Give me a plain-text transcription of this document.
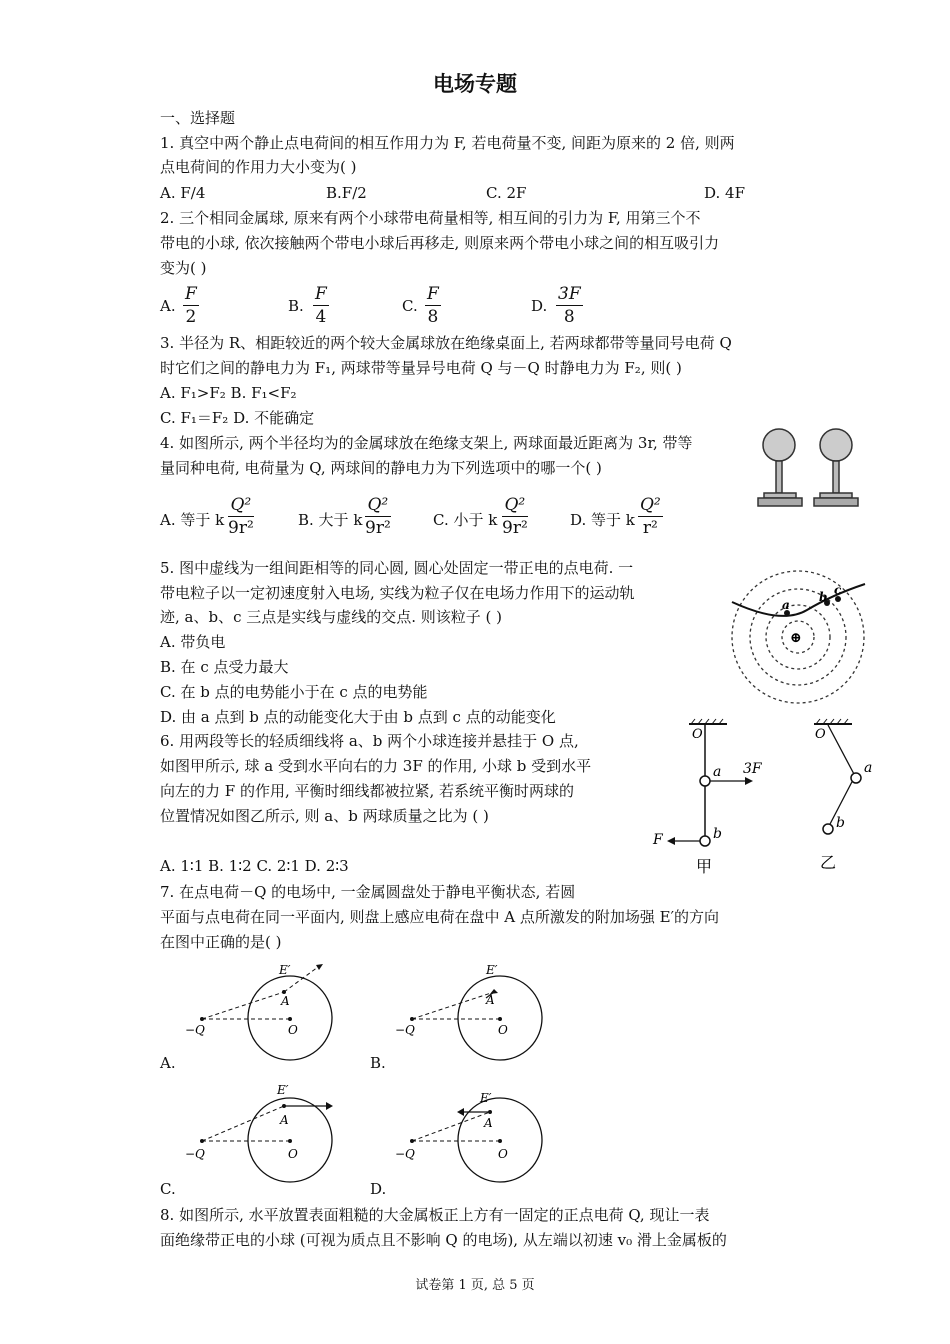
电场专题
一、选择题
1. 真空中两个静止点电荷间的相互作用力为 F, 若电荷量不变, 间距为原来的 2 倍, 则两
点电荷间的作用力大小变为( )
A. F/4	B.F/2	C. 2F	D. 4F
2. 三个相同金属球, 原来有两个小球带电荷量相等, 相互间的引力为 F, 用第三个不
带电的小球, 依次接触两个带电小球后再移走, 则原来两个带电小球之间的相互吸引力
变为( )
A. $\frac{F}{2}$	B. $\frac{F}{4}$	C. $\frac{F}{8}$	D. $\frac{3F}{8}$
3. 半径为 R、相距较近的两个较大金属球放在绝缘桌面上, 若两球都带等量同号电荷 Q
时它们之间的静电力为 F₁, 两球带等量异号电荷 Q 与－Q 时静电力为 F₂, 则( )
A. F₁>F₂ B. F₁<F₂
C. F₁＝F₂ D. 不能确定
4. 如图所示, 两个半径均为的金属球放在绝缘支架上, 两球面最近距离为 3r, 带等
量同种电荷, 电荷量为 Q, 两球间的静电力为下列选项中的哪一个( )
A. 等于 k $\frac{\text{Q²}}{\text{9r²}}$	B. 大于 k $\frac{\text{Q²}}{\text{9r²}}$	C. 小于 k $\frac{\text{Q²}}{\text{9r²}}$	D. 等于 k $\frac{\text{Q²}}{\text{r²}}$
5. 图中虚线为一组间距相等的同心圆, 圆心处固定一带正电的点电荷. 一
带电粒子以一定初速度射入电场, 实线为粒子仅在电场力作用下的运动轨
迹, a、b、c 三点是实线与虚线的交点. 则该粒子 ( )
A. 带负电
B. 在 c 点受力最大
C. 在 b 点的电势能小于在 c 点的电势能
D. 由 a 点到 b 点的动能变化大于由 b 点到 c 点的动能变化
a
b c
⊕
6. 用两段等长的轻质细线将 a、b 两个小球连接并悬挂于 O 点,
如图甲所示, 球 a 受到水平向右的力 3F 的作用, 小球 b 受到水平
向左的力 F 的作用, 平衡时细线都被拉紧, 若系统平衡时两球的
位置情况如图乙所示, 则 a、b 两球质量之比为 ( )
A. 1∶1 B. 1∶2 C. 2∶1 D. 2∶3
O
a 3F
b
F
甲
O
a
b
乙
7. 在点电荷－Q 的电场中, 一金属圆盘处于静电平衡状态, 若圆
平面与点电荷在同一平面内, 则盘上感应电荷在盘中 A 点所激发的附加场强 E′的方向
在图中正确的是( )
−Q	O
A
E′
A.
−Q	O
A
E′
B.
−Q	O
A
E′
C.
−Q	O
A
E′
D.
8. 如图所示, 水平放置表面粗糙的大金属板正上方有一固定的正点电荷 Q, 现让一表
面绝缘带正电的小球 (可视为质点且不影响 Q 的电场), 从左端以初速 v₀ 滑上金属板的
试卷第 1 页, 总 5 页
